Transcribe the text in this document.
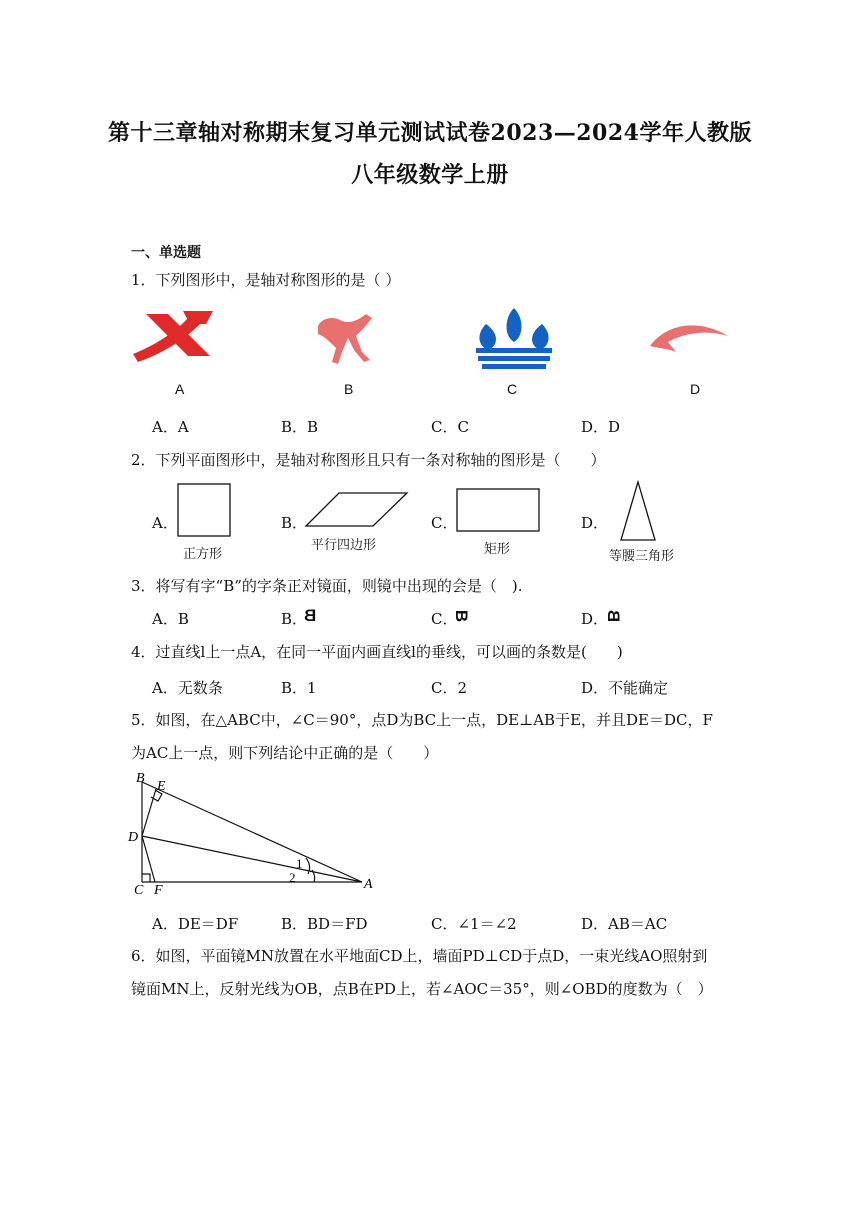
第十三章轴对称期末复习单元测试试卷2023—2024学年人教版
八年级数学上册
一、单选题
1．下列图形中，是轴对称图形的是（ ）
A	B	C	D
A．A	B．B	C．C	D．D
2．下列平面图形中，是轴对称图形且只有一条对称轴的图形是（　　）
A．
正方形
B．
平行四边形
C．
矩形
D．
等腰三角形
3．将写有字“B”的字条正对镜面，则镜中出现的会是（　).
A．B	B．
B	C．
B	D．
B
4．过直线l上一点A，在同一平面内画直线l的垂线，可以画的条数是(　　)
A．无数条	B．1	C．2	D．不能确定
5．如图，在△ABC中，∠C＝90°，点D为BC上一点，DE⊥AB于E，并且DE＝DC，F
为AC上一点，则下列结论中正确的是（　　）
B
E
D
C F	A
1
2
A．DE＝DF	B．BD＝FD	C．∠1＝∠2	D．AB＝AC
6．如图，平面镜MN放置在水平地面CD上，墙面PD⊥CD于点D，一束光线AO照射到
镜面MN上，反射光线为OB，点B在PD上，若∠AOC＝35°，则∠OBD的度数为（　）
